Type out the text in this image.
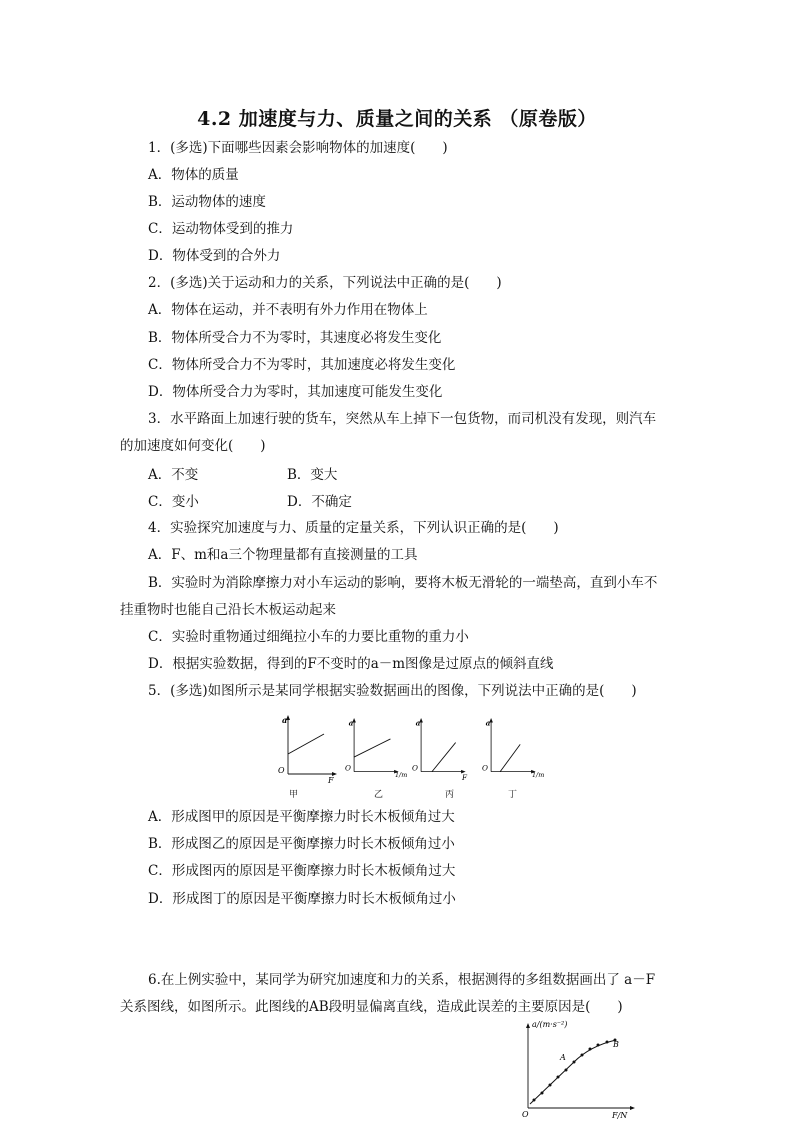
4.2 加速度与力、质量之间的关系 （原卷版）
1．(多选)下面哪些因素会影响物体的加速度(　　)
A．物体的质量
B．运动物体的速度
C．运动物体受到的推力
D．物体受到的合外力
2．(多选)关于运动和力的关系，下列说法中正确的是(　　)
A．物体在运动，并不表明有外力作用在物体上
B．物体所受合力不为零时，其速度必将发生变化
C．物体所受合力不为零时，其加速度必将发生变化
D．物体所受合力为零时，其加速度可能发生变化
3．水平路面上加速行驶的货车，突然从车上掉下一包货物，而司机没有发现，则汽车
的加速度如何变化(　　)
A．不变	B．变大
C．变小	D．不确定
4．实验探究加速度与力、质量的定量关系，下列认识正确的是(　　)
A．F、m和a三个物理量都有直接测量的工具
B．实验时为消除摩擦力对小车运动的影响，要将木板无滑轮的一端垫高，直到小车不
挂重物时也能自己沿长木板运动起来
C．实验时重物通过细绳拉小车的力要比重物的重力小
D．根据实验数据，得到的F不变时的a－m图像是过原点的倾斜直线
5．(多选)如图所示是某同学根据实验数据画出的图像，下列说法中正确的是(　　)
a
O
F
甲
a
O
1/m
乙
a
O
F
丙
a
O
1/m
丁
A．形成图甲的原因是平衡摩擦力时长木板倾角过大
B．形成图乙的原因是平衡摩擦力时长木板倾角过小
C．形成图丙的原因是平衡摩擦力时长木板倾角过大
D．形成图丁的原因是平衡摩擦力时长木板倾角过小
6.在上例实验中，某同学为研究加速度和力的关系，根据测得的多组数据画出了 a－F
关系图线，如图所示。此图线的AB段明显偏离直线，造成此误差的主要原因是(　　)
a/(m·s⁻²)
O	F/N
A
B
